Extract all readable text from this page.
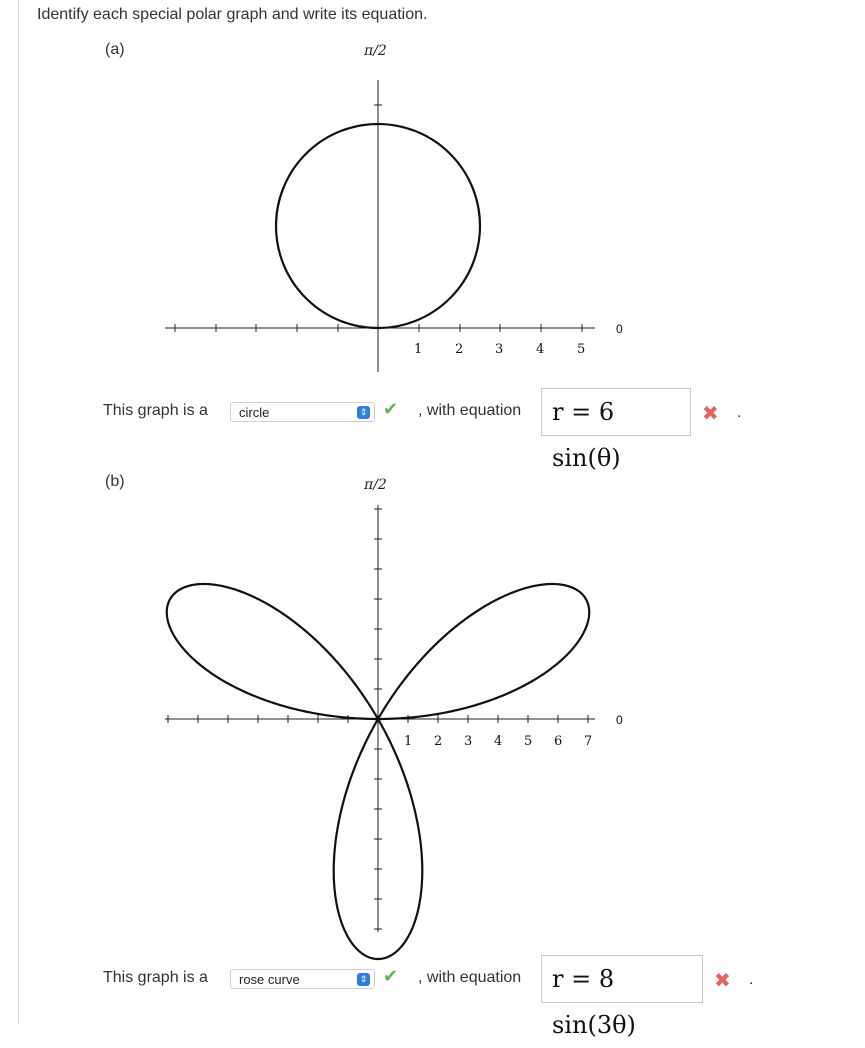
Identify each special polar graph and write its equation.
(a)	π/2
1	2 3	4	5
0
This graph is a	circle	⇕ ✔ , with equation	r = 6 sin(θ)
✖ .
(b)	π/2
1 2 3 4 5 6 7
0
This graph is a	rose curve	⇕ ✔ , with equation	r = 8 sin(3θ)
✖ .
